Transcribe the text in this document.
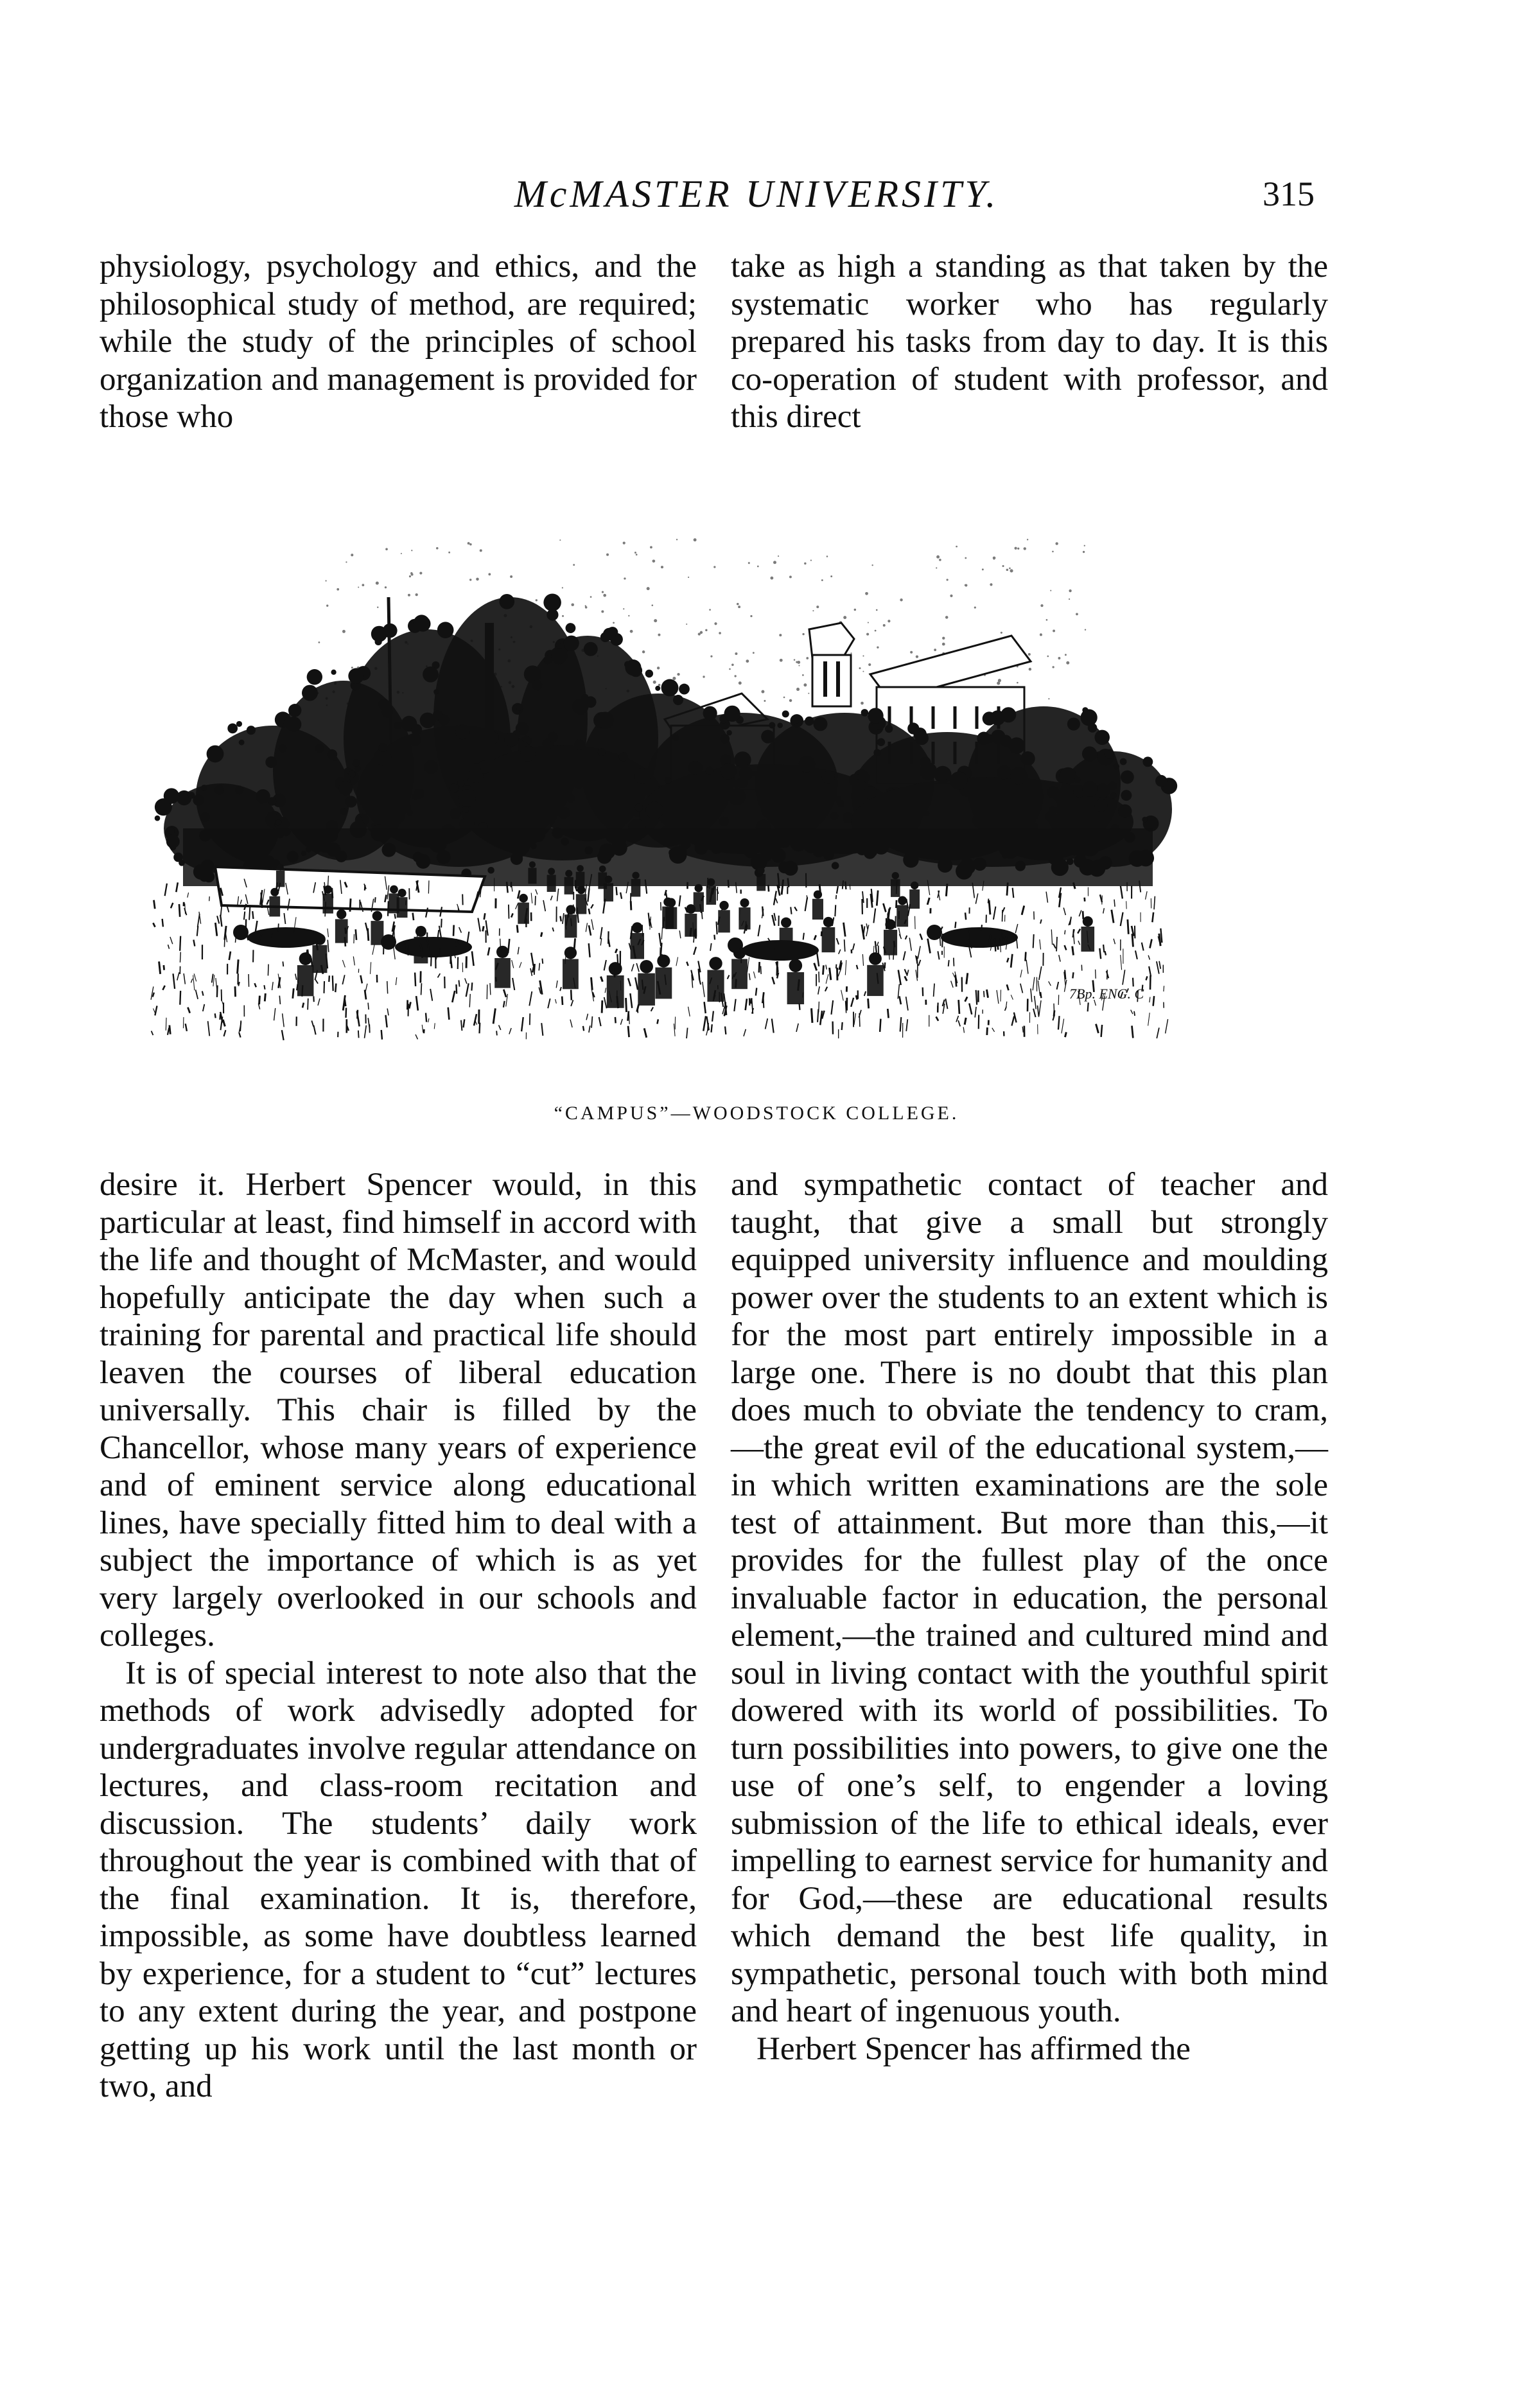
McMASTER UNIVERSITY.	315

physiology, psychology and ethics, and the philosophical study of method, are required; while the study of the principles of school organization and management is provided for those who

take as high a standing as that taken by the systematic worker who has regularly prepared his tasks from day to day. It is this co-operation of student with professor, and this direct

7Bp. ENG. C
“CAMPUS”—WOODSTOCK COLLEGE.

desire it. Herbert Spencer would, in this particular at least, find himself in accord with the life and thought of McMaster, and would hopefully anticipate the day when such a training for parental and practical life should leaven the courses of liberal education universally. This chair is filled by the Chancellor, whose many years of experience and of eminent service along educational lines, have specially fitted him to deal with a subject the importance of which is as yet very largely overlooked in our schools and colleges.

It is of special interest to note also that the methods of work advisedly adopted for undergraduates involve regular attendance on lectures, and class-room recitation and discussion. The students’ daily work throughout the year is combined with that of the final examination. It is, therefore, impossible, as some have doubtless learned by experience, for a student to “cut” lectures to any extent during the year, and postpone getting up his work until the last month or two, and

and sympathetic contact of teacher and taught, that give a small but strongly equipped university influence and moulding power over the students to an extent which is for the most part entirely impossible in a large one. There is no doubt that this plan does much to obviate the tendency to cram, —the great evil of the educational system,—in which written examinations are the sole test of attainment. But more than this,—it provides for the fullest play of the once invaluable factor in education, the personal element,—the trained and cultured mind and soul in living contact with the youthful spirit dowered with its world of possibilities. To turn possibilities into powers, to give one the use of one’s self, to engender a loving submission of the life to ethical ideals, ever impelling to earnest service for humanity and for God,—these are educational results which demand the best life quality, in sympathetic, personal touch with both mind and heart of ingenuous youth.

Herbert Spencer has affirmed the
